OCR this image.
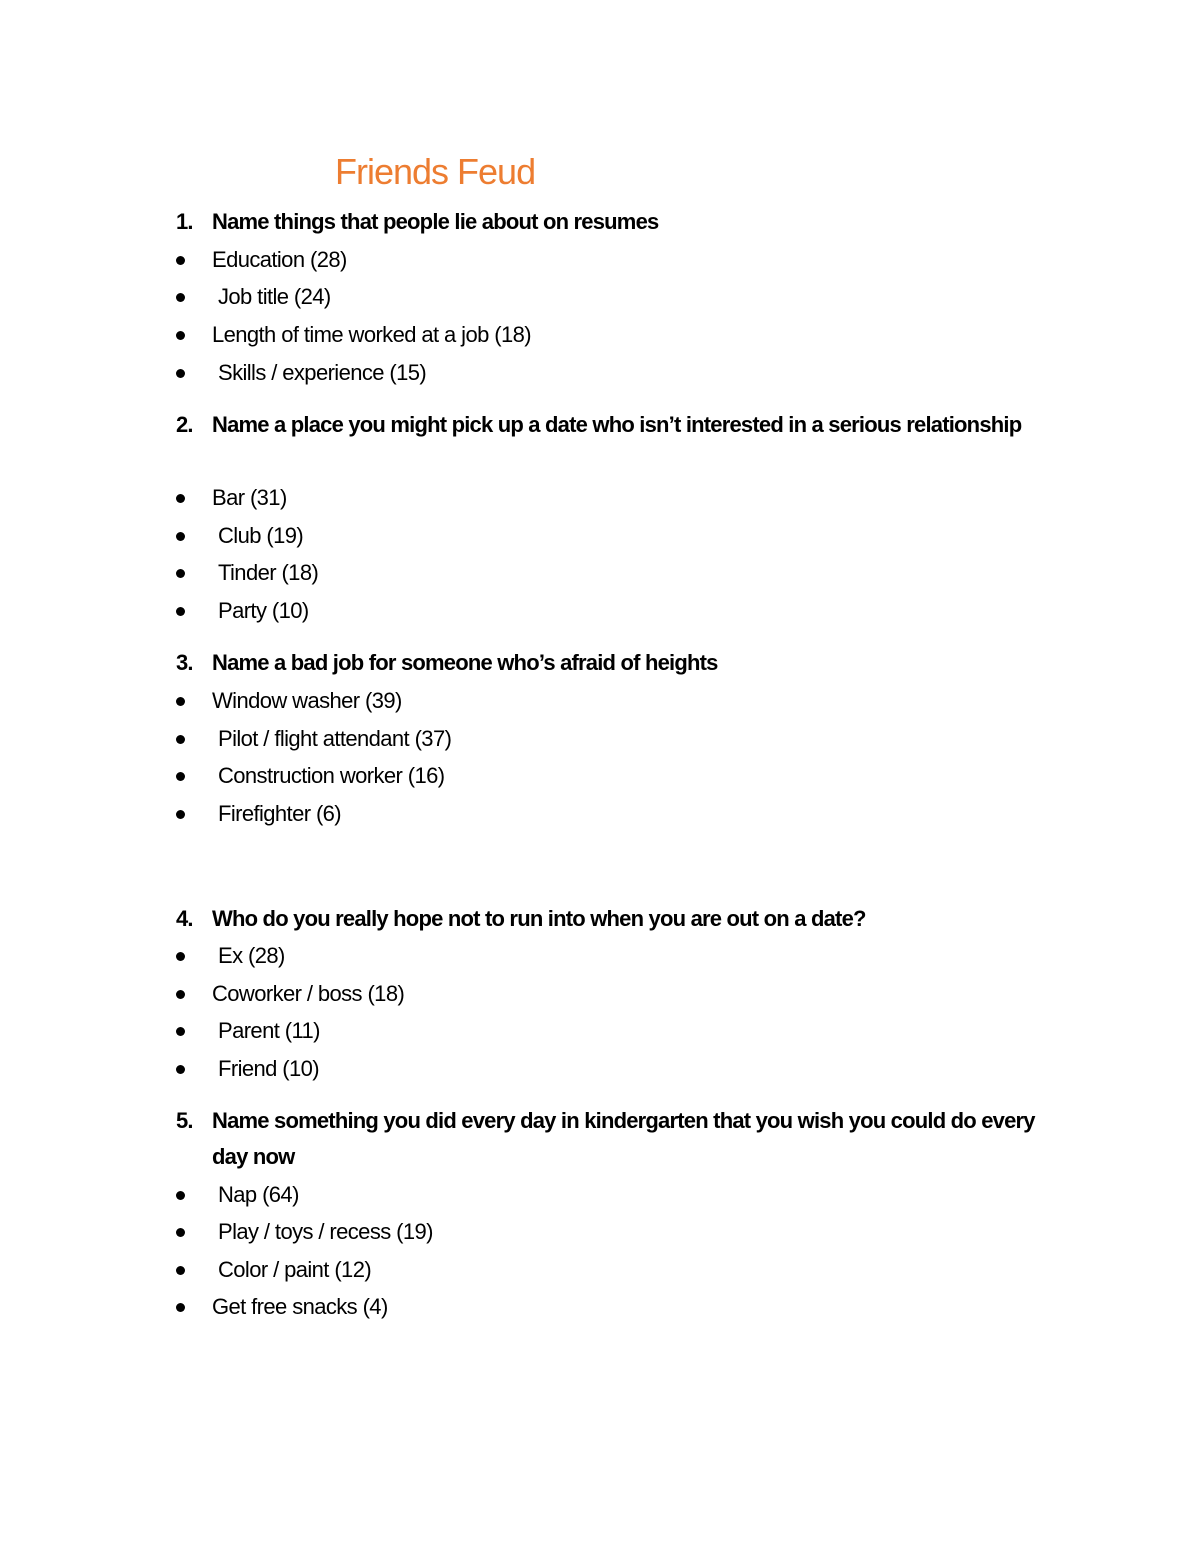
Friends Feud
1. Name things that people lie about on resumes
Education (28)
Job title (24)
Length of time worked at a job (18)
Skills / experience (15)
2. Name a place you might pick up a date who isn’t interested in a serious relationship
Bar (31)
Club (19)
Tinder (18)
Party (10)
3. Name a bad job for someone who’s afraid of heights
Window washer (39)
Pilot / flight attendant (37)
Construction worker (16)
Firefighter (6)
4. Who do you really hope not to run into when you are out on a date?
Ex (28)
Coworker / boss (18)
Parent (11)
Friend (10)
5. Name something you did every day in kindergarten that you wish you could do every day now
Nap (64)
Play / toys / recess (19)
Color / paint (12)
Get free snacks (4)
